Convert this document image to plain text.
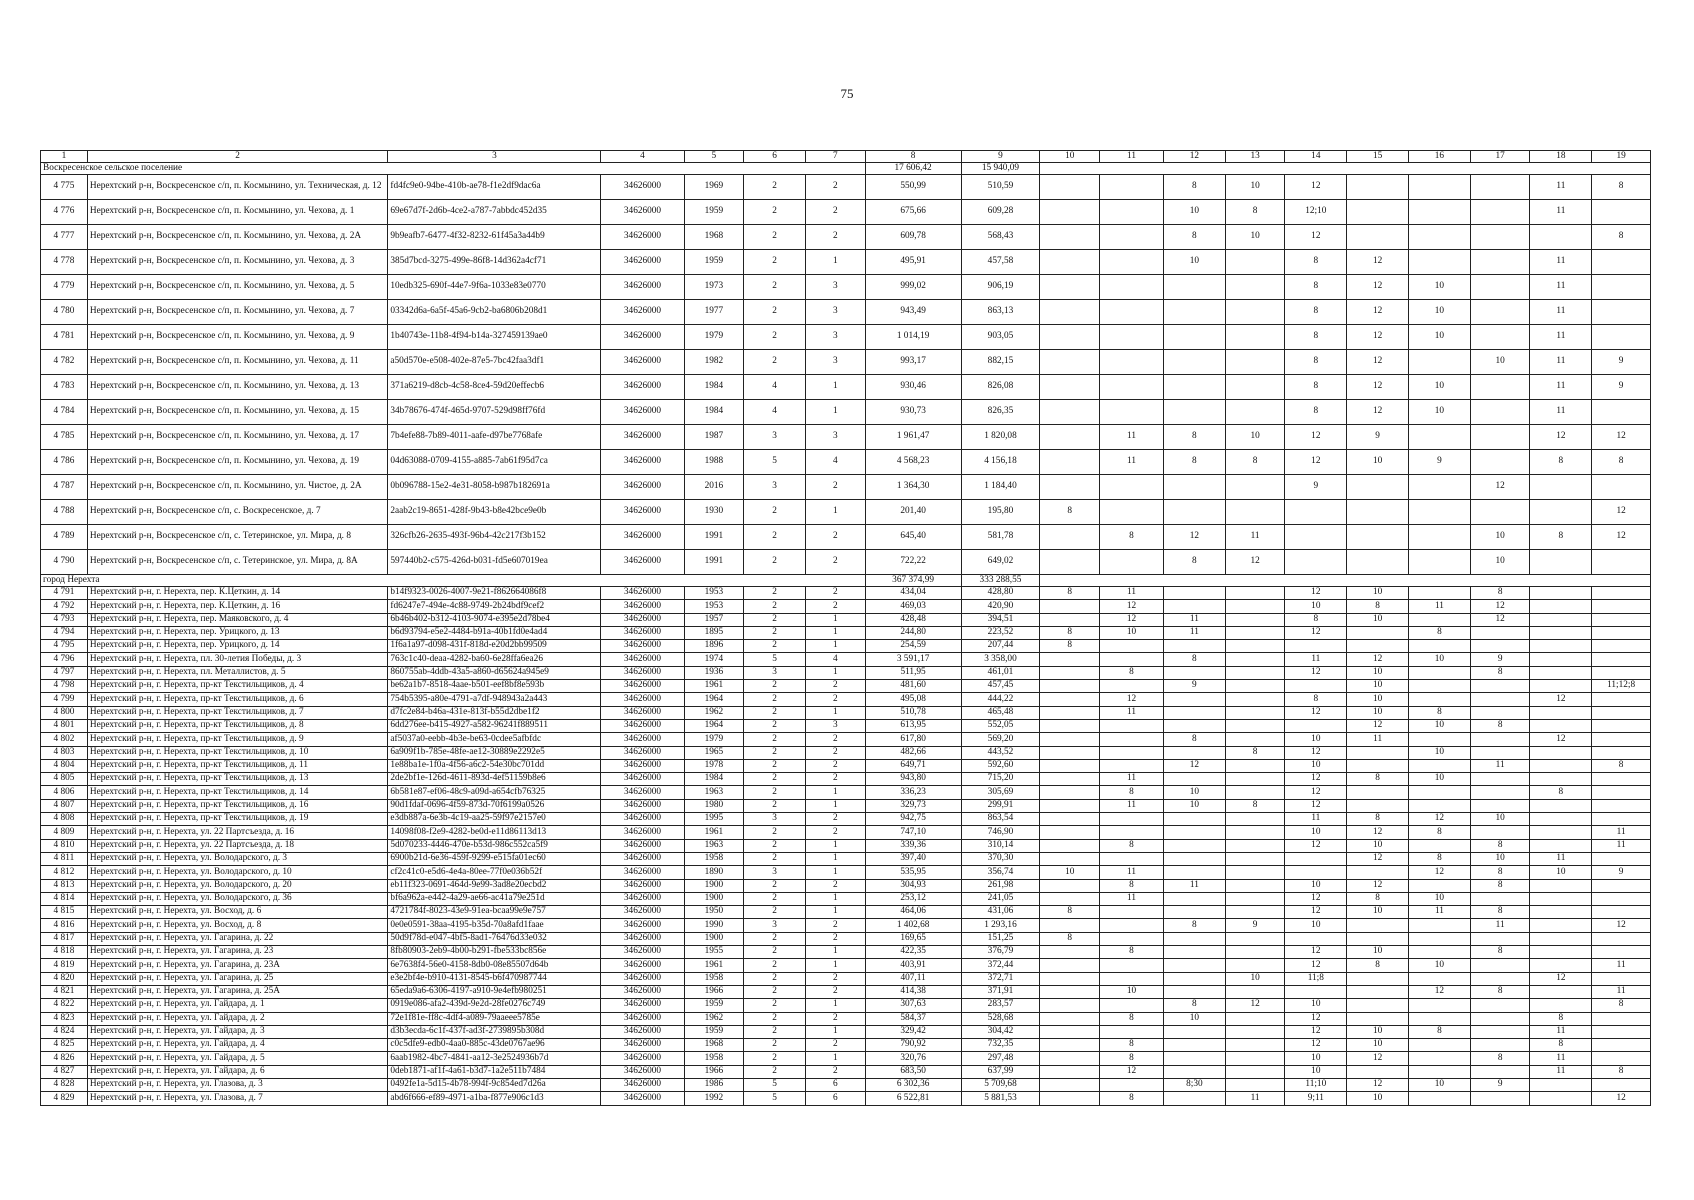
75
1	2	3	4	5	6	7	8	9	10	11	12	13	14	15	16	17	18	19
Воскресенское сельское поселение							17 606,42	15 940,09										
4 775	Нерехтский р-н, Воскресенское с/п, п. Космынино, ул. Техническая, д. 12	fd4fc9e0-94be-410b-ae78-f1e2df9dac6a	34626000	1969	2	2	550,99	510,59			8	10	12				11	8
4 776	Нерехтский р-н, Воскресенское с/п, п. Космынино, ул. Чехова, д. 1	69e67d7f-2d6b-4ce2-a787-7abbdc452d35	34626000	1959	2	2	675,66	609,28			10	8	12;10				11	
4 777	Нерехтский р-н, Воскресенское с/п, п. Космынино, ул. Чехова, д. 2А	9b9eafb7-6477-4f32-8232-61f45a3a44b9	34626000	1968	2	2	609,78	568,43			8	10	12					8
4 778	Нерехтский р-н, Воскресенское с/п, п. Космынино, ул. Чехова, д. 3	385d7bcd-3275-499e-86f8-14d362a4cf71	34626000	1959	2	1	495,91	457,58			10		8	12			11	
4 779	Нерехтский р-н, Воскресенское с/п, п. Космынино, ул. Чехова, д. 5	10edb325-690f-44e7-9f6a-1033e83e0770	34626000	1973	2	3	999,02	906,19					8	12	10		11	
4 780	Нерехтский р-н, Воскресенское с/п, п. Космынино, ул. Чехова, д. 7	03342d6a-6a5f-45a6-9cb2-ba6806b208d1	34626000	1977	2	3	943,49	863,13					8	12	10		11	
4 781	Нерехтский р-н, Воскресенское с/п, п. Космынино, ул. Чехова, д. 9	1b40743e-11b8-4f94-b14a-327459139ae0	34626000	1979	2	3	1 014,19	903,05					8	12	10		11	
4 782	Нерехтский р-н, Воскресенское с/п, п. Космынино, ул. Чехова, д. 11	a50d570e-e508-402e-87e5-7bc42faa3df1	34626000	1982	2	3	993,17	882,15					8	12		10	11	9
4 783	Нерехтский р-н, Воскресенское с/п, п. Космынино, ул. Чехова, д. 13	371a6219-d8cb-4c58-8ce4-59d20effecb6	34626000	1984	4	1	930,46	826,08					8	12	10		11	9
4 784	Нерехтский р-н, Воскресенское с/п, п. Космынино, ул. Чехова, д. 15	34b78676-474f-465d-9707-529d98ff76fd	34626000	1984	4	1	930,73	826,35					8	12	10		11	
4 785	Нерехтский р-н, Воскресенское с/п, п. Космынино, ул. Чехова, д. 17	7b4efe88-7b89-4011-aafe-d97be7768afe	34626000	1987	3	3	1 961,47	1 820,08		11	8	10	12	9			12	12
4 786	Нерехтский р-н, Воскресенское с/п, п. Космынино, ул. Чехова, д. 19	04d63088-0709-4155-a885-7ab61f95d7ca	34626000	1988	5	4	4 568,23	4 156,18		11	8	8	12	10	9		8	8
4 787	Нерехтский р-н, Воскресенское с/п, п. Космынино, ул. Чистое, д. 2А	0b096788-15e2-4e31-8058-b987b182691a	34626000	2016	3	2	1 364,30	1 184,40					9			12		
4 788	Нерехтский р-н, Воскресенское с/п, с. Воскресенское, д. 7	2aab2c19-8651-428f-9b43-b8e42bce9e0b	34626000	1930	2	1	201,40	195,80	8									12
4 789	Нерехтский р-н, Воскресенское с/п, с. Тетеринское, ул. Мира, д. 8	326cfb26-2635-493f-96b4-42c217f3b152	34626000	1991	2	2	645,40	581,78		8	12	11				10	8	12
4 790	Нерехтский р-н, Воскресенское с/п, с. Тетеринское, ул. Мира, д. 8А	597440b2-c575-426d-b031-fd5e607019ea	34626000	1991	2	2	722,22	649,02			8	12				10		
город Нерехта							367 374,99	333 288,55										
4 791	Нерехтский р-н, г. Нерехта, пер. К.Цеткин, д. 14	b14f9323-0026-4007-9e21-f862664086f8	34626000	1953	2	2	434,04	428,80	8	11			12	10		8		
4 792	Нерехтский р-н, г. Нерехта, пер. К.Цеткин, д. 16	fd6247e7-494e-4c88-9749-2b24bdf9cef2	34626000	1953	2	2	469,03	420,90		12			10	8	11	12		
4 793	Нерехтский р-н, г. Нерехта, пер. Маяковского, д. 4	6b46b402-b312-4103-9074-e395e2d78be4	34626000	1957	2	1	428,48	394,51		12	11		8	10		12		
4 794	Нерехтский р-н, г. Нерехта, пер. Урицкого, д. 13	b6d93794-e5e2-4484-b91a-40b1fd0e4ad4	34626000	1895	2	1	244,80	223,52	8	10	11		12		8			
4 795	Нерехтский р-н, г. Нерехта, пер. Урицкого, д. 14	1f6a1a97-d098-431f-818d-e20d2bb99509	34626000	1896	2	1	254,59	207,44	8									
4 796	Нерехтский р-н, г. Нерехта, пл. 30-летия Победы, д. 3	763c1c40-deaa-4282-ba60-6e28ffa6ea26	34626000	1974	5	4	3 591,17	3 358,00			8		11	12	10	9		
4 797	Нерехтский р-н, г. Нерехта, пл. Металлистов, д. 5	860755ab-4ddb-43a5-a860-d65624a945e9	34626000	1936	3	1	511,95	461,01		8			12	10		8		
4 798	Нерехтский р-н, г. Нерехта, пр-кт Текстильщиков, д. 4	be62a1b7-8518-4aae-b501-eef8bf8e593b	34626000	1961	2	2	481,60	457,45			9			10				11;12;8
4 799	Нерехтский р-н, г. Нерехта, пр-кт Текстильщиков, д. 6	754b5395-a80e-4791-a7df-948943a2a443	34626000	1964	2	2	495,08	444,22		12			8	10			12	
4 800	Нерехтский р-н, г. Нерехта, пр-кт Текстильщиков, д. 7	d7fc2e84-b46a-431e-813f-b55d2dbe1f2	34626000	1962	2	1	510,78	465,48		11			12	10	8			
4 801	Нерехтский р-н, г. Нерехта, пр-кт Текстильщиков, д. 8	6dd276ee-b415-4927-a582-96241f889511	34626000	1964	2	3	613,95	552,05						12	10	8		
4 802	Нерехтский р-н, г. Нерехта, пр-кт Текстильщиков, д. 9	af5037a0-eebb-4b3e-be63-0cdee5afbfdc	34626000	1979	2	2	617,80	569,20			8		10	11			12	
4 803	Нерехтский р-н, г. Нерехта, пр-кт Текстильщиков, д. 10	6a909f1b-785e-48fe-ae12-30889e2292e5	34626000	1965	2	2	482,66	443,52				8	12		10			
4 804	Нерехтский р-н, г. Нерехта, пр-кт Текстильщиков, д. 11	1e88ba1e-1f0a-4f56-a6c2-54e30bc701dd	34626000	1978	2	2	649,71	592,60			12		10			11		8
4 805	Нерехтский р-н, г. Нерехта, пр-кт Текстильщиков, д. 13	2de2bf1e-126d-4611-893d-4ef51159b8e6	34626000	1984	2	2	943,80	715,20		11			12	8	10			
4 806	Нерехтский р-н, г. Нерехта, пр-кт Текстильщиков, д. 14	6b581e87-ef06-48c9-a09d-a654cfb76325	34626000	1963	2	1	336,23	305,69		8	10		12				8	
4 807	Нерехтский р-н, г. Нерехта, пр-кт Текстильщиков, д. 16	90d1fdaf-0696-4f59-873d-70f6199a0526	34626000	1980	2	1	329,73	299,91		11	10	8	12					
4 808	Нерехтский р-н, г. Нерехта, пр-кт Текстильщиков, д. 19	e3db887a-6e3b-4c19-aa25-59f97e2157e0	34626000	1995	3	2	942,75	863,54					11	8	12	10		
4 809	Нерехтский р-н, г. Нерехта, ул. 22 Партсъезда, д. 16	14098f08-f2e9-4282-be0d-e11d86113d13	34626000	1961	2	2	747,10	746,90					10	12	8			11
4 810	Нерехтский р-н, г. Нерехта, ул. 22 Партсъезда, д. 18	5d070233-4446-470e-b53d-986c552ca5f9	34626000	1963	2	1	339,36	310,14		8			12	10		8		11
4 811	Нерехтский р-н, г. Нерехта, ул. Володарского, д. 3	6900b21d-6e36-459f-9299-e515fa01ec60	34626000	1958	2	1	397,40	370,30						12	8	10	11	
4 812	Нерехтский р-н, г. Нерехта, ул. Володарского, д. 10	cf2c41c0-e5d6-4e4a-80ee-77f0e036b52f	34626000	1890	3	1	535,95	356,74	10	11					12	8	10	9
4 813	Нерехтский р-н, г. Нерехта, ул. Володарского, д. 20	eb11f323-0691-464d-9e99-3ad8e20ecbd2	34626000	1900	2	2	304,93	261,98		8	11		10	12		8		
4 814	Нерехтский р-н, г. Нерехта, ул. Володарского, д. 36	bf6a962a-e442-4a29-ae66-ac41a79e251d	34626000	1900	2	1	253,12	241,05		11			12	8	10			
4 815	Нерехтский р-н, г. Нерехта, ул. Восход, д. 6	4721784f-8023-43e9-91ea-bcaa99e9e757	34626000	1950	2	1	464,06	431,06	8				12	10	11	8		
4 816	Нерехтский р-н, г. Нерехта, ул. Восход, д. 8	0e0e0591-38aa-4195-b35d-70a8afd1faae	34626000	1990	3	2	1 402,68	1 293,16			8	9	10			11		12
4 817	Нерехтский р-н, г. Нерехта, ул. Гагарина, д. 22	50d9f78d-e047-4bf5-8ad1-76476d33e032	34626000	1900	2	2	169,65	151,25	8									
4 818	Нерехтский р-н, г. Нерехта, ул. Гагарина, д. 23	8fb80903-2eb9-4b00-b291-fbe533bc856e	34626000	1955	2	1	422,35	376,79		8			12	10		8		
4 819	Нерехтский р-н, г. Нерехта, ул. Гагарина, д. 23А	6e7638f4-56e0-4158-8db0-08e85507d64b	34626000	1961	2	1	403,91	372,44					12	8	10			11
4 820	Нерехтский р-н, г. Нерехта, ул. Гагарина, д. 25	e3e2bf4e-b910-4131-8545-b6f470987744	34626000	1958	2	2	407,11	372,71				10	11;8				12	
4 821	Нерехтский р-н, г. Нерехта, ул. Гагарина, д. 25А	65eda9a6-6306-4197-a910-9e4efb980251	34626000	1966	2	2	414,38	371,91		10					12	8		11
4 822	Нерехтский р-н, г. Нерехта, ул. Гайдара, д. 1	0919e086-afa2-439d-9e2d-28fe0276c749	34626000	1959	2	1	307,63	283,57			8	12	10					8
4 823	Нерехтский р-н, г. Нерехта, ул. Гайдара, д. 2	72e1f81e-ff8c-4df4-a089-79aaeee5785e	34626000	1962	2	2	584,37	528,68		8	10		12				8	
4 824	Нерехтский р-н, г. Нерехта, ул. Гайдара, д. 3	d3b3ecda-6c1f-437f-ad3f-2739895b308d	34626000	1959	2	1	329,42	304,42					12	10	8		11	
4 825	Нерехтский р-н, г. Нерехта, ул. Гайдара, д. 4	c0c5dfe9-edb0-4aa0-885c-43de0767ae96	34626000	1968	2	2	790,92	732,35		8			12	10			8	
4 826	Нерехтский р-н, г. Нерехта, ул. Гайдара, д. 5	6aab1982-4bc7-4841-aa12-3e2524936b7d	34626000	1958	2	1	320,76	297,48		8			10	12		8	11	
4 827	Нерехтский р-н, г. Нерехта, ул. Гайдара, д. 6	0deb1871-af1f-4a61-b3d7-1a2e511b7484	34626000	1966	2	2	683,50	637,99		12			10				11	8
4 828	Нерехтский р-н, г. Нерехта, ул. Глазова, д. 3	0492fe1a-5d15-4b78-994f-9c854ed7d26a	34626000	1986	5	6	6 302,36	5 709,68			8;30		11;10	12	10	9		
4 829	Нерехтский р-н, г. Нерехта, ул. Глазова, д. 7	abd6f666-ef89-4971-a1ba-f877e906c1d3	34626000	1992	5	6	6 522,81	5 881,53		8		11	9;11	10				12
